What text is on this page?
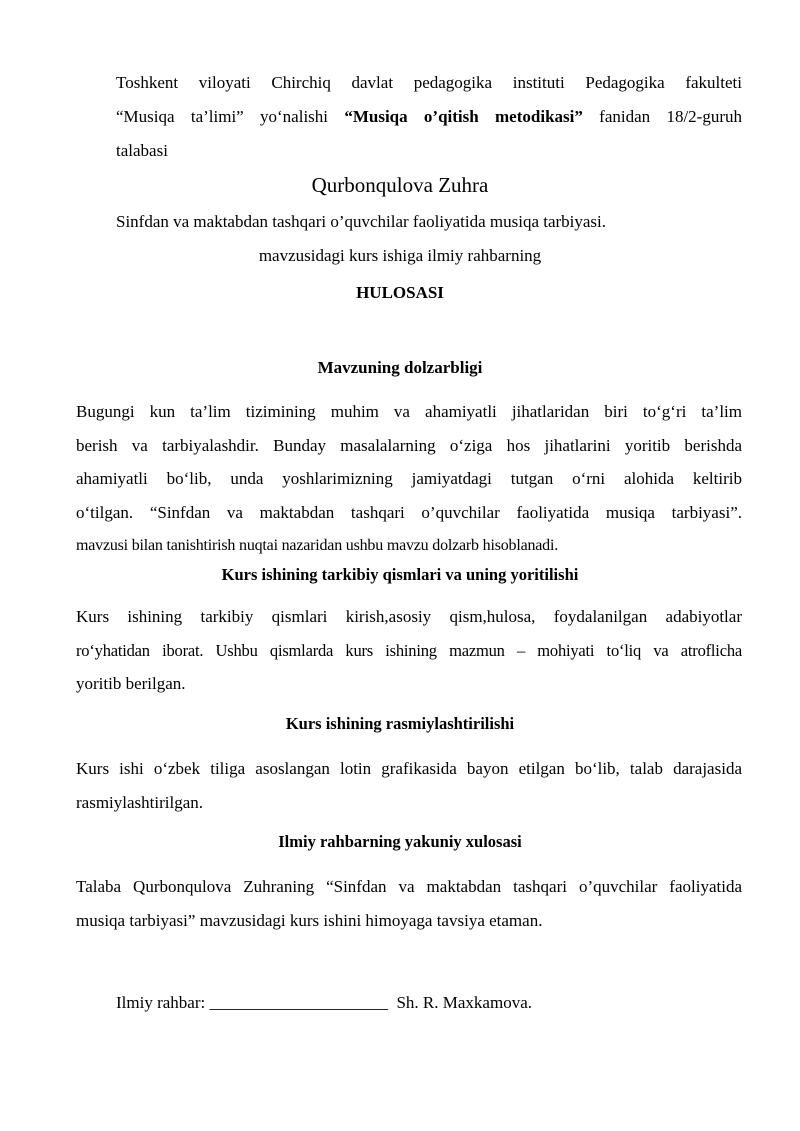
Toshkent viloyati Chirchiq davlat pedagogika instituti Pedagogika fakulteti
“Musiqa ta’limi” yo‘nalishi “Musiqa o’qitish metodikasi” fanidan 18/2-guruh
talabasi

Qurbonqulova Zuhra

Sinfdan va maktabdan tashqari o’quvchilar faoliyatida musiqa tarbiyasi.

mavzusidagi kurs ishiga ilmiy rahbarning

HULOSASI

Mavzuning dolzarbligi

Bugungi kun ta’lim tizimining muhim va ahamiyatli jihatlaridan biri to‘g‘ri ta’lim
berish va tarbiyalashdir. Bunday masalalarning o‘ziga hos jihatlarini yoritib berishda
ahamiyatli bo‘lib, unda yoshlarimizning jamiyatdagi tutgan o‘rni alohida keltirib
o‘tilgan. “Sinfdan va maktabdan tashqari o’quvchilar faoliyatida musiqa tarbiyasi”.
mavzusi bilan tanishtirish nuqtai nazaridan ushbu mavzu dolzarb hisoblanadi.

Kurs ishining tarkibiy qismlari va uning yoritilishi

Kurs ishining tarkibiy qismlari kirish,asosiy qism,hulosa, foydalanilgan adabiyotlar
ro‘yhatidan iborat. Ushbu qismlarda kurs ishining mazmun – mohiyati to‘liq va atroflicha
yoritib berilgan.

Kurs ishining rasmiylashtirilishi

Kurs ishi o‘zbek tiliga asoslangan lotin grafikasida bayon etilgan bo‘lib, talab darajasida
rasmiylashtirilgan.

Ilmiy rahbarning yakuniy xulosasi

Talaba Qurbonqulova Zuhraning “Sinfdan va maktabdan tashqari o’quvchilar faoliyatida
musiqa tarbiyasi” mavzusidagi kurs ishini himoyaga tavsiya etaman.

Ilmiy rahbar: _____________________ Sh. R. Maxkamova.
